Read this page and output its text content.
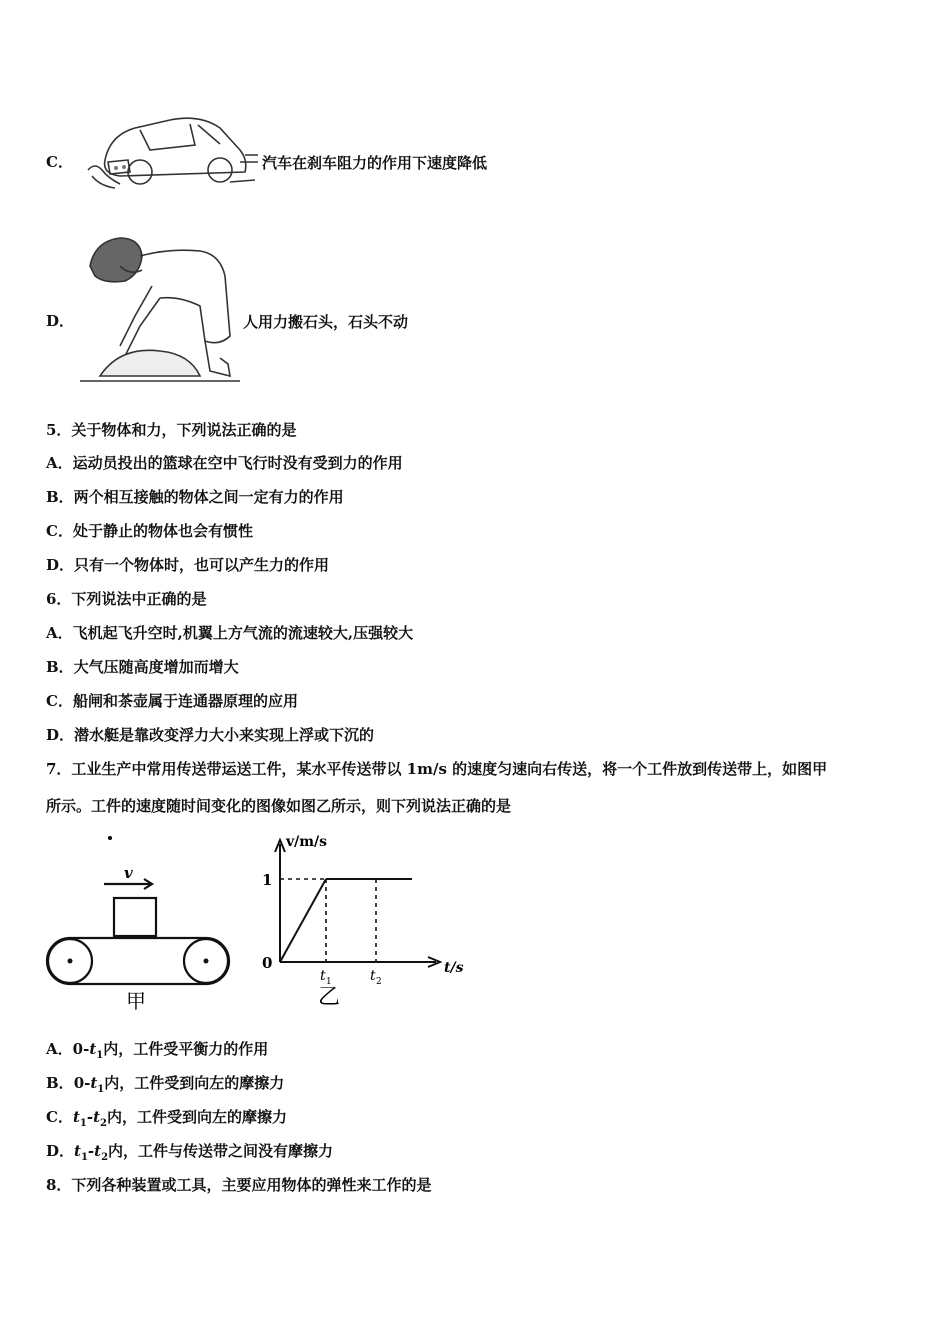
C．	汽车在刹车阻力的作用下速度降低
D．	人用力搬石头，石头不动
5．关于物体和力，下列说法正确的是
A．运动员投出的篮球在空中飞行时没有受到力的作用
B．两个相互接触的物体之间一定有力的作用
C．处于静止的物体也会有惯性
D．只有一个物体时，也可以产生力的作用
6．下列说法中正确的是
A．飞机起飞升空时,机翼上方气流的流速较大,压强较大
B．大气压随高度增加而增大
C．船闸和茶壶属于连通器原理的应用
D．潜水艇是靠改变浮力大小来实现上浮或下沉的
7．工业生产中常用传送带运送工件，某水平传送带以 1m/s 的速度匀速向右传送，将一个工件放到传送带上，如图甲
所示。工件的速度随时间变化的图像如图乙所示，则下列说法正确的是
v
甲
v/m/s
t/s
0
1
t 1	t 2
乙
A．$0-t_1$内，工件受平衡力的作用
B．$0-t_1$内，工件受到向左的摩擦力
C．$t_1-t_2$内，工件受到向左的摩擦力
D．$t_1-t_2$内，工件与传送带之间没有摩擦力
8．下列各种装置或工具，主要应用物体的弹性来工作的是
